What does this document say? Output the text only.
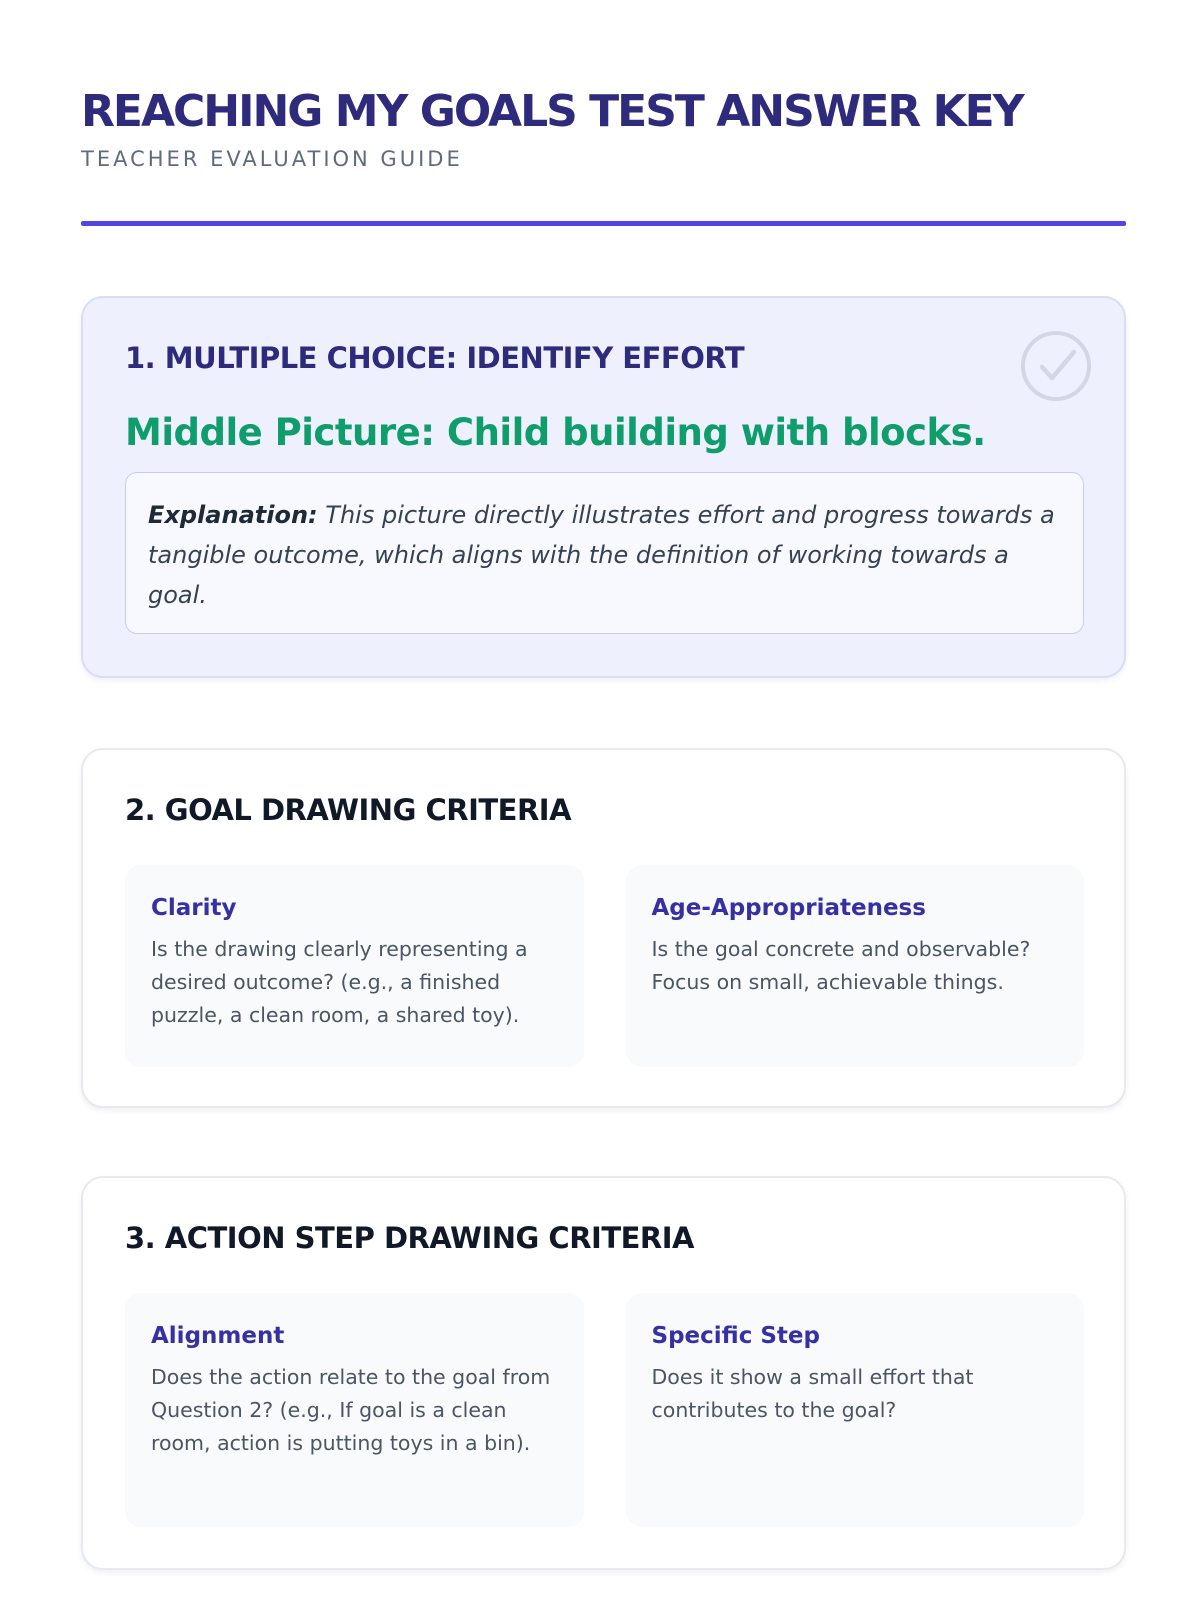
REACHING MY GOALS TEST ANSWER KEY
TEACHER EVALUATION GUIDE
1. MULTIPLE CHOICE: IDENTIFY EFFORT
Middle Picture: Child building with blocks.
Explanation: This picture directly illustrates effort and progress towards a tangible outcome, which aligns with the definition of working towards a goal.
2. GOAL DRAWING CRITERIA
Clarity
Is the drawing clearly representing a desired outcome? (e.g., a finished puzzle, a clean room, a shared toy).
Age-Appropriateness
Is the goal concrete and observable? Focus on small, achievable things.
3. ACTION STEP DRAWING CRITERIA
Alignment
Does the action relate to the goal from Question 2? (e.g., If goal is a clean room, action is putting toys in a bin).
Specific Step
Does it show a small effort that contributes to the goal?
